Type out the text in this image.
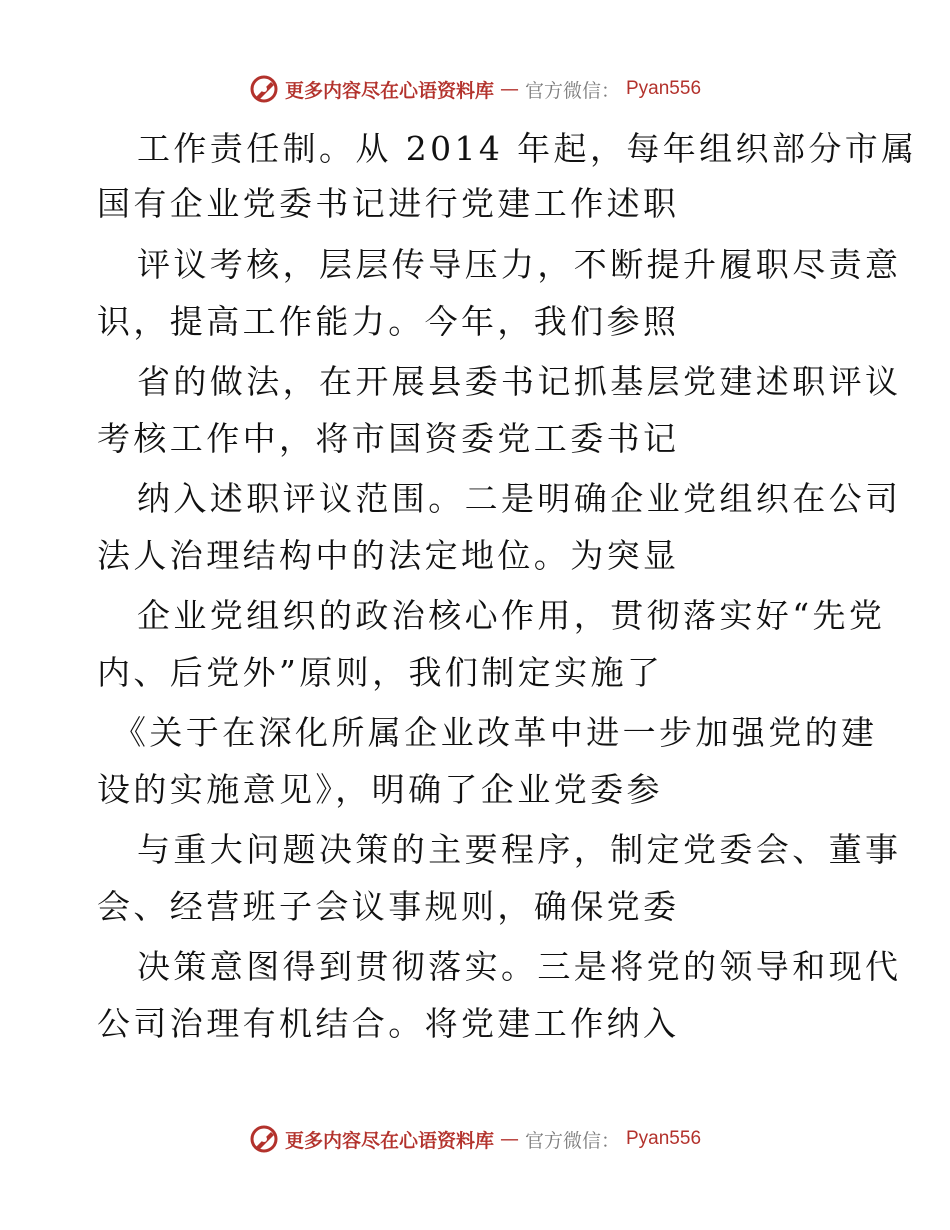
更多内容尽在心语资料库 — 官方微信： Pyan556
工作责任制。从 2014 年起，每年组织部分市属
国有企业党委书记进行党建工作述职
评议考核，层层传导压力，不断提升履职尽责意
识，提高工作能力。今年，我们参照
省的做法，在开展县委书记抓基层党建述职评议
考核工作中，将市国资委党工委书记
纳入述职评议范围。二是明确企业党组织在公司
法人治理结构中的法定地位。为突显
企业党组织的政治核心作用，贯彻落实好“先党
内、后党外”原则，我们制定实施了
《关于在深化所属企业改革中进一步加强党的建
设的实施意见》，明确了企业党委参
与重大问题决策的主要程序，制定党委会、董事
会、经营班子会议事规则，确保党委
决策意图得到贯彻落实。三是将党的领导和现代
公司治理有机结合。将党建工作纳入
更多内容尽在心语资料库 — 官方微信： Pyan556
